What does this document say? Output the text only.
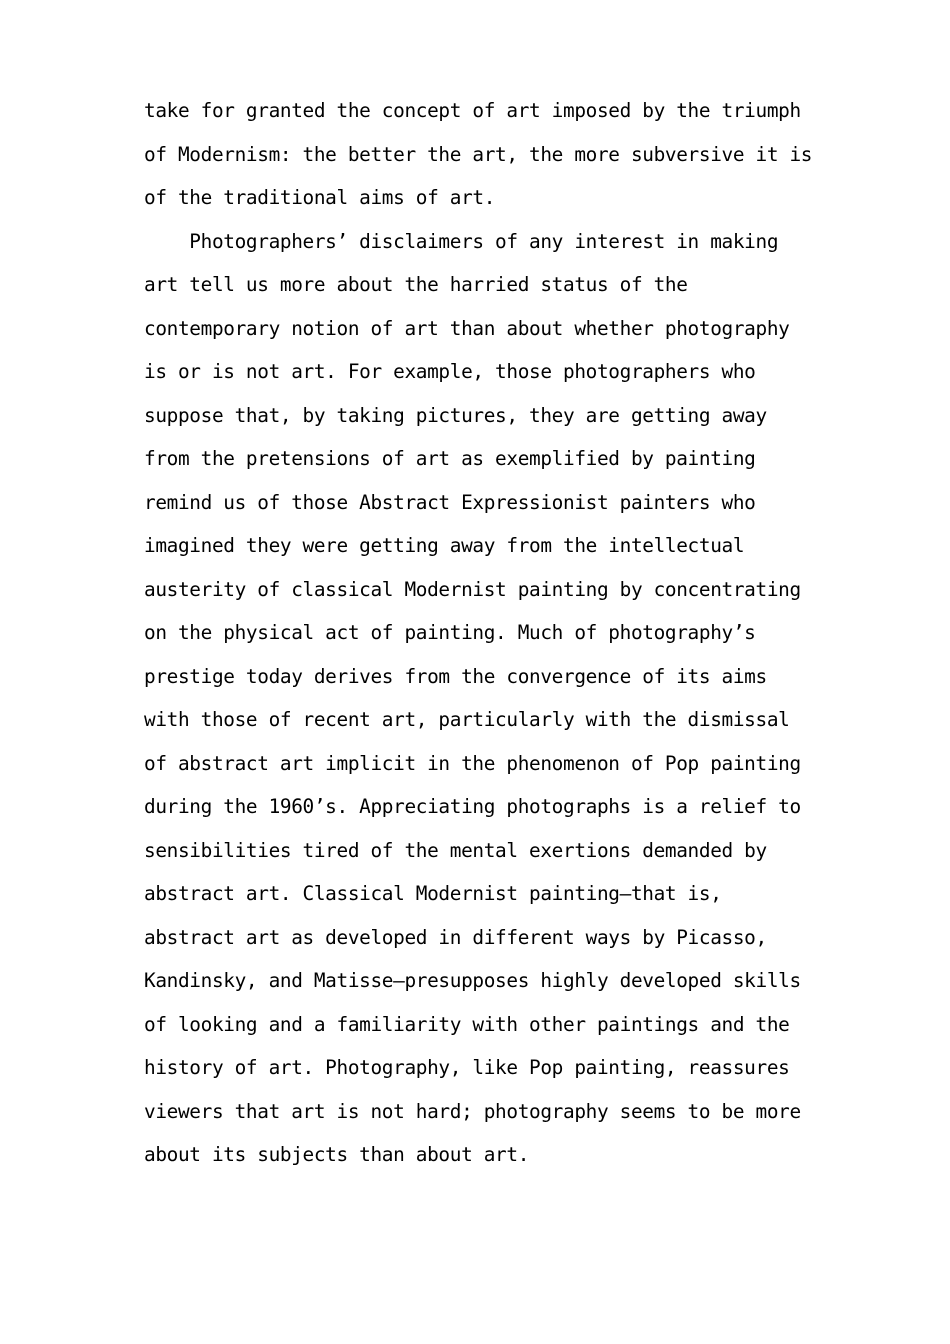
take for granted the concept of art imposed by the triumph
of Modernism: the better the art, the more subversive it is
of the traditional aims of art.
Photographers’ disclaimers of any interest in making
art tell us more about the harried status of the
contemporary notion of art than about whether photography
is or is not art. For example, those photographers who
suppose that, by taking pictures, they are getting away
from the pretensions of art as exemplified by painting
remind us of those Abstract Expressionist painters who
imagined they were getting away from the intellectual
austerity of classical Modernist painting by concentrating
on the physical act of painting. Much of photography’s
prestige today derives from the convergence of its aims
with those of recent art, particularly with the dismissal
of abstract art implicit in the phenomenon of Pop painting
during the 1960’s. Appreciating photographs is a relief to
sensibilities tired of the mental exertions demanded by
abstract art. Classical Modernist painting—that is,
abstract art as developed in different ways by Picasso,
Kandinsky, and Matisse—presupposes highly developed skills
of looking and a familiarity with other paintings and the
history of art. Photography, like Pop painting, reassures
viewers that art is not hard; photography seems to be more
about its subjects than about art.
